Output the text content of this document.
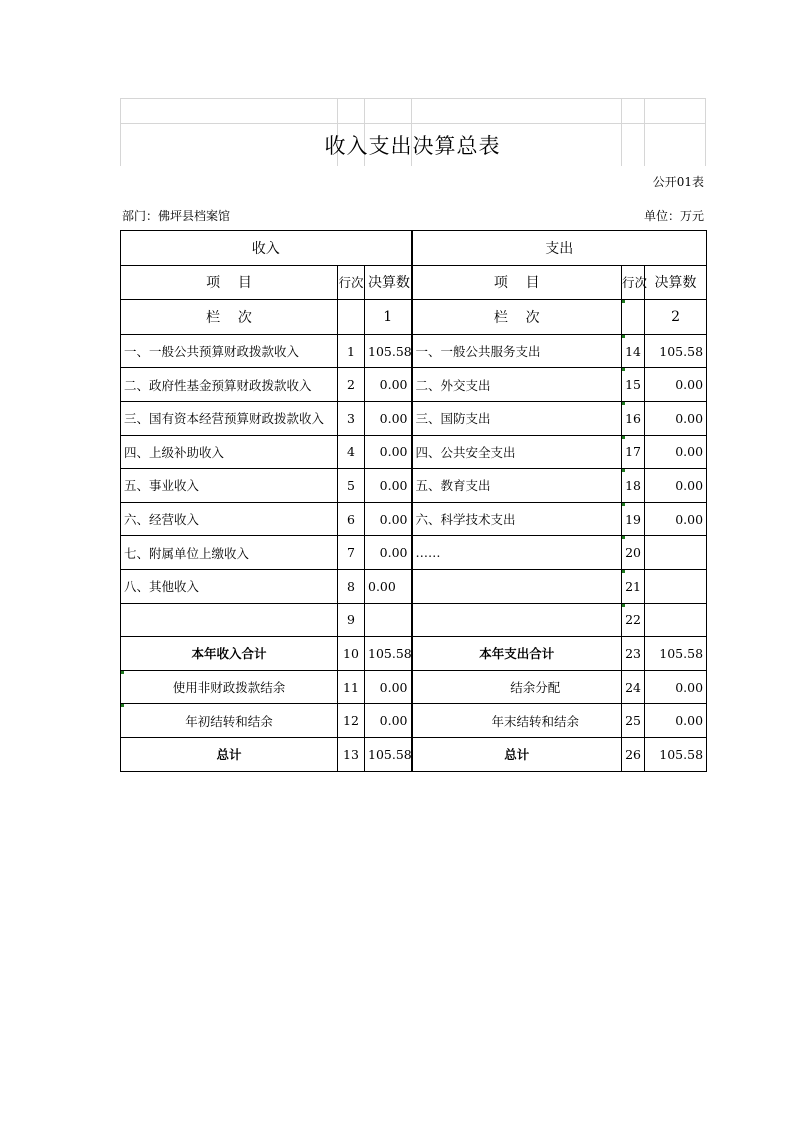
收入支出决算总表
公开01表
部门：佛坪县档案馆	单位：万元
收入			支出		
项    目	行次	决算数	项    目	行次	决算数
栏    次		1	栏    次		2
一、一般公共预算财政拨款收入	1	105.58	一、一般公共服务支出	14	105.58
二、政府性基金预算财政拨款收入	2	0.00	二、外交支出	15	0.00
三、国有资本经营预算财政拨款收入	3	0.00	三、国防支出	16	0.00
四、上级补助收入	4	0.00	四、公共安全支出	17	0.00
五、事业收入	5	0.00	五、教育支出	18	0.00
六、经营收入	6	0.00	六、科学技术支出	19	0.00
七、附属单位上缴收入	7	0.00	……	20	
八、其他收入	8	0.00		21	
	9			22	
本年收入合计	10	105.58	本年支出合计	23	105.58
使用非财政拨款结余	11	0.00	结余分配	24	0.00
年初结转和结余	12	0.00	年末结转和结余	25	0.00
总计	13	105.58	总计	26	105.58
